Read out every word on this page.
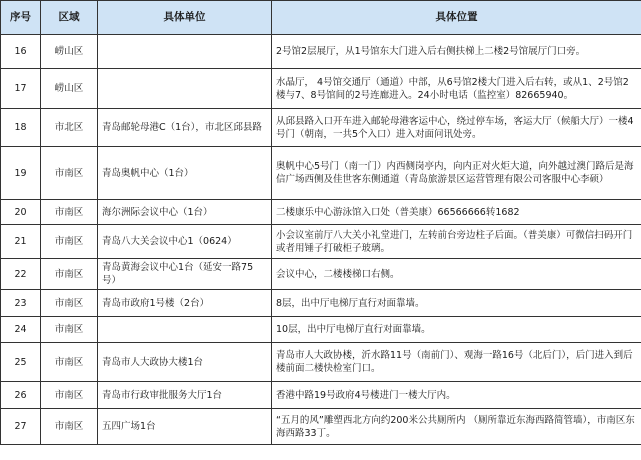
序号	区域	具体单位	具体位置
16	崂山区		2号馆2层展厅，从1号馆东大门进入后右侧扶梯上二楼2号馆展厅门口旁。
17	崂山区		水晶厅， 4号馆交通厅（通道）中部，从6号馆2楼大门进入后右转，或从1、2号馆2楼与7、8号馆间的2号连廊进入。24小时电话（监控室）82665940。
18	市北区	青岛邮轮母港C（1台），市北区邱县路	从邱县路入口开车进入邮轮母港客运中心，绕过停车场，客运大厅（候船大厅）一楼4号门（朝南，一共5个入口）进入对面问讯处旁。
19	市南区	青岛奥帆中心（1台）	奥帆中心5号门（南一门）内西侧岗亭内，向内正对火炬大道，向外越过澳门路后是海信广场西侧及佳世客东侧通道（青岛旅游景区运营管理有限公司客服中心李硕）
20	市南区	海尔洲际会议中心（1台）	二楼康乐中心游泳馆入口处（普美康）66566666转1682
21	市南区	青岛八大关会议中心1（0624）	小会议室前厅八大关小礼堂进门，左转前台旁边柱子后面。（普美康）可微信扫码开门或者用锤子打破柜子玻璃。
22	市南区	青岛黄海会议中心1台（延安一路75号）	会议中心，二楼楼梯口右侧。
23	市南区	青岛市政府1号楼（2台）	8层，出中厅电梯厅直行对面靠墙。
24	市南区		10层，出中厅电梯厅直行对面靠墙。
25	市南区	青岛市人大政协大楼1台	青岛市人大政协楼，沂水路11号（南前门）、观海一路16号（北后门），后门进入到后楼前面二楼快检室门口。
26	市南区	青岛市行政审批服务大厅1台	香港中路19号政府4号楼进门一楼大厅内。
27	市南区	五四广场1台	“五月的风”雕塑西北方向约200米公共厕所内 （厕所靠近东海西路简管墙），市南区东海西路33丁。
